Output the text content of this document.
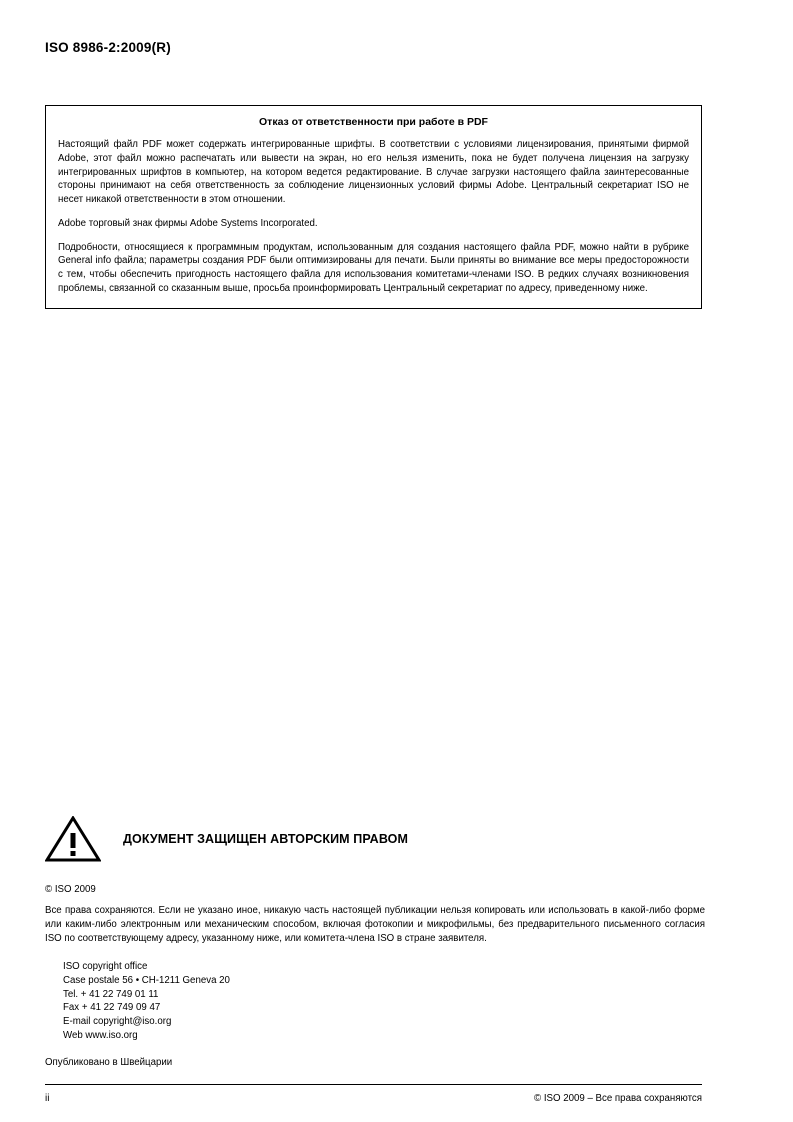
ISO 8986-2:2009(R)
Отказ от ответственности при работе в PDF

Настоящий файл PDF может содержать интегрированные шрифты. В соответствии с условиями лицензирования, принятыми фирмой Adobe, этот файл можно распечатать или вывести на экран, но его нельзя изменить, пока не будет получена лицензия на загрузку интегрированных шрифтов в компьютер, на котором ведется редактирование. В случае загрузки настоящего файла заинтересованные стороны принимают на себя ответственность за соблюдение лицензионных условий фирмы Adobe. Центральный секретариат ISO не несет никакой ответственности в этом отношении.

Adobe торговый знак фирмы Adobe Systems Incorporated.

Подробности, относящиеся к программным продуктам, использованным для создания настоящего файла PDF, можно найти в рубрике General info файла; параметры создания PDF были оптимизированы для печати. Были приняты во внимание все меры предосторожности с тем, чтобы обеспечить пригодность настоящего файла для использования комитетами-членами ISO. В редких случаях возникновения проблемы, связанной со сказанным выше, просьба проинформировать Центральный секретариат по адресу, приведенному ниже.

ДОКУМЕНТ ЗАЩИЩЕН АВТОРСКИМ ПРАВОМ
© ISO 2009
Все права сохраняются. Если не указано иное, никакую часть настоящей публикации нельзя копировать или использовать в какой-либо форме или каким-либо электронным или механическим способом, включая фотокопии и микрофильмы, без предварительного письменного согласия ISO по соответствующему адресу, указанному ниже, или комитета-члена ISO в стране заявителя.
ISO copyright office
Case postale 56 • CH-1211 Geneva 20
Tel. + 41 22 749 01 11
Fax + 41 22 749 09 47
E-mail copyright@iso.org
Web www.iso.org
Опубликовано в Швейцарии
ii	© ISO 2009 – Все права сохраняются
